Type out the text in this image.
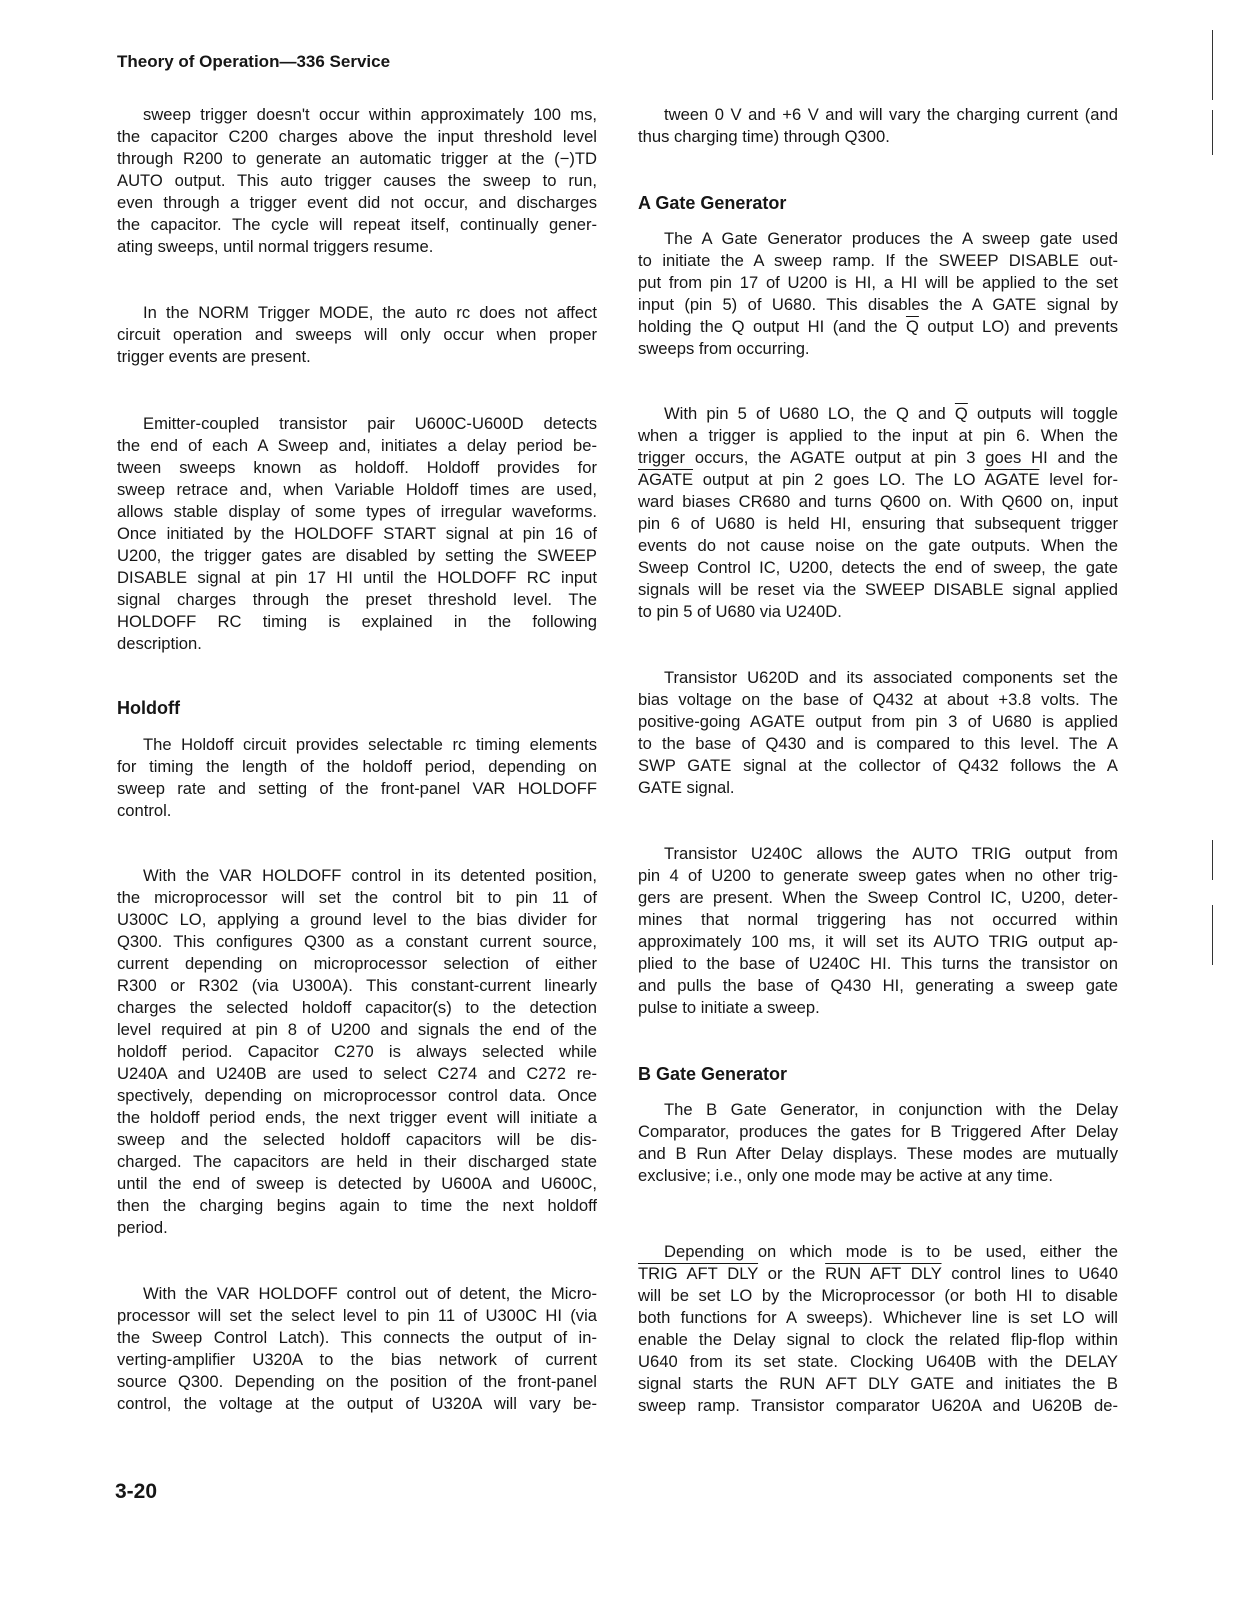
Theory of Operation—336 Service
sweep trigger doesn't occur within approximately 100 ms,
the capacitor C200 charges above the input threshold level
through R200 to generate an automatic trigger at the (−)TD
AUTO output. This auto trigger causes the sweep to run,
even through a trigger event did not occur, and discharges
the capacitor. The cycle will repeat itself, continually gener-
ating sweeps, until normal triggers resume.
In the NORM Trigger MODE, the auto rc does not affect
circuit operation and sweeps will only occur when proper
trigger events are present.
Emitter-coupled transistor pair U600C-U600D detects
the end of each A Sweep and, initiates a delay period be-
tween sweeps known as holdoff. Holdoff provides for
sweep retrace and, when Variable Holdoff times are used,
allows stable display of some types of irregular waveforms.
Once initiated by the HOLDOFF START signal at pin 16 of
U200, the trigger gates are disabled by setting the SWEEP
DISABLE signal at pin 17 HI until the HOLDOFF RC input
signal charges through the preset threshold level. The
HOLDOFF RC timing is explained in the following
description.
Holdoff
The Holdoff circuit provides selectable rc timing elements
for timing the length of the holdoff period, depending on
sweep rate and setting of the front-panel VAR HOLDOFF
control.
With the VAR HOLDOFF control in its detented position,
the microprocessor will set the control bit to pin 11 of
U300C LO, applying a ground level to the bias divider for
Q300. This configures Q300 as a constant current source,
current depending on microprocessor selection of either
R300 or R302 (via U300A). This constant-current linearly
charges the selected holdoff capacitor(s) to the detection
level required at pin 8 of U200 and signals the end of the
holdoff period. Capacitor C270 is always selected while
U240A and U240B are used to select C274 and C272 re-
spectively, depending on microprocessor control data. Once
the holdoff period ends, the next trigger event will initiate a
sweep and the selected holdoff capacitors will be dis-
charged. The capacitors are held in their discharged state
until the end of sweep is detected by U600A and U600C,
then the charging begins again to time the next holdoff
period.
With the VAR HOLDOFF control out of detent, the Micro-
processor will set the select level to pin 11 of U300C HI (via
the Sweep Control Latch). This connects the output of in-
verting-amplifier U320A to the bias network of current
source Q300. Depending on the position of the front-panel
control, the voltage at the output of U320A will vary be-
tween 0 V and +6 V and will vary the charging current (and
thus charging time) through Q300.
A Gate Generator
The A Gate Generator produces the A sweep gate used
to initiate the A sweep ramp. If the SWEEP DISABLE out-
put from pin 17 of U200 is HI, a HI will be applied to the set
input (pin 5) of U680. This disables the A GATE signal by
holding the Q output HI (and the $\overline{Q}$ output LO) and prevents
sweeps from occurring.
With pin 5 of U680 LO, the Q and $\overline{Q}$ outputs will toggle
when a trigger is applied to the input at pin 6. When the
trigger occurs, the AGATE output at pin 3 goes HI and the
AGATE output at pin 2 goes LO. The LO AGATE level for-
ward biases CR680 and turns Q600 on. With Q600 on, input
pin 6 of U680 is held HI, ensuring that subsequent trigger
events do not cause noise on the gate outputs. When the
Sweep Control IC, U200, detects the end of sweep, the gate
signals will be reset via the SWEEP DISABLE signal applied
to pin 5 of U680 via U240D.
Transistor U620D and its associated components set the
bias voltage on the base of Q432 at about +3.8 volts. The
positive-going AGATE output from pin 3 of U680 is applied
to the base of Q430 and is compared to this level. The A
SWP GATE signal at the collector of Q432 follows the A
GATE signal.
Transistor U240C allows the AUTO TRIG output from
pin 4 of U200 to generate sweep gates when no other trig-
gers are present. When the Sweep Control IC, U200, deter-
mines that normal triggering has not occurred within
approximately 100 ms, it will set its AUTO TRIG output ap-
plied to the base of U240C HI. This turns the transistor on
and pulls the base of Q430 HI, generating a sweep gate
pulse to initiate a sweep.
B Gate Generator
The B Gate Generator, in conjunction with the Delay
Comparator, produces the gates for B Triggered After Delay
and B Run After Delay displays. These modes are mutually
exclusive; i.e., only one mode may be active at any time.
Depending on which mode is to be used, either the
TRIG AFT DLY or the RUN AFT DLY control lines to U640
will be set LO by the Microprocessor (or both HI to disable
both functions for A sweeps). Whichever line is set LO will
enable the Delay signal to clock the related flip-flop within
U640 from its set state. Clocking U640B with the DELAY
signal starts the RUN AFT DLY GATE and initiates the B
sweep ramp. Transistor comparator U620A and U620B de-
3-20
